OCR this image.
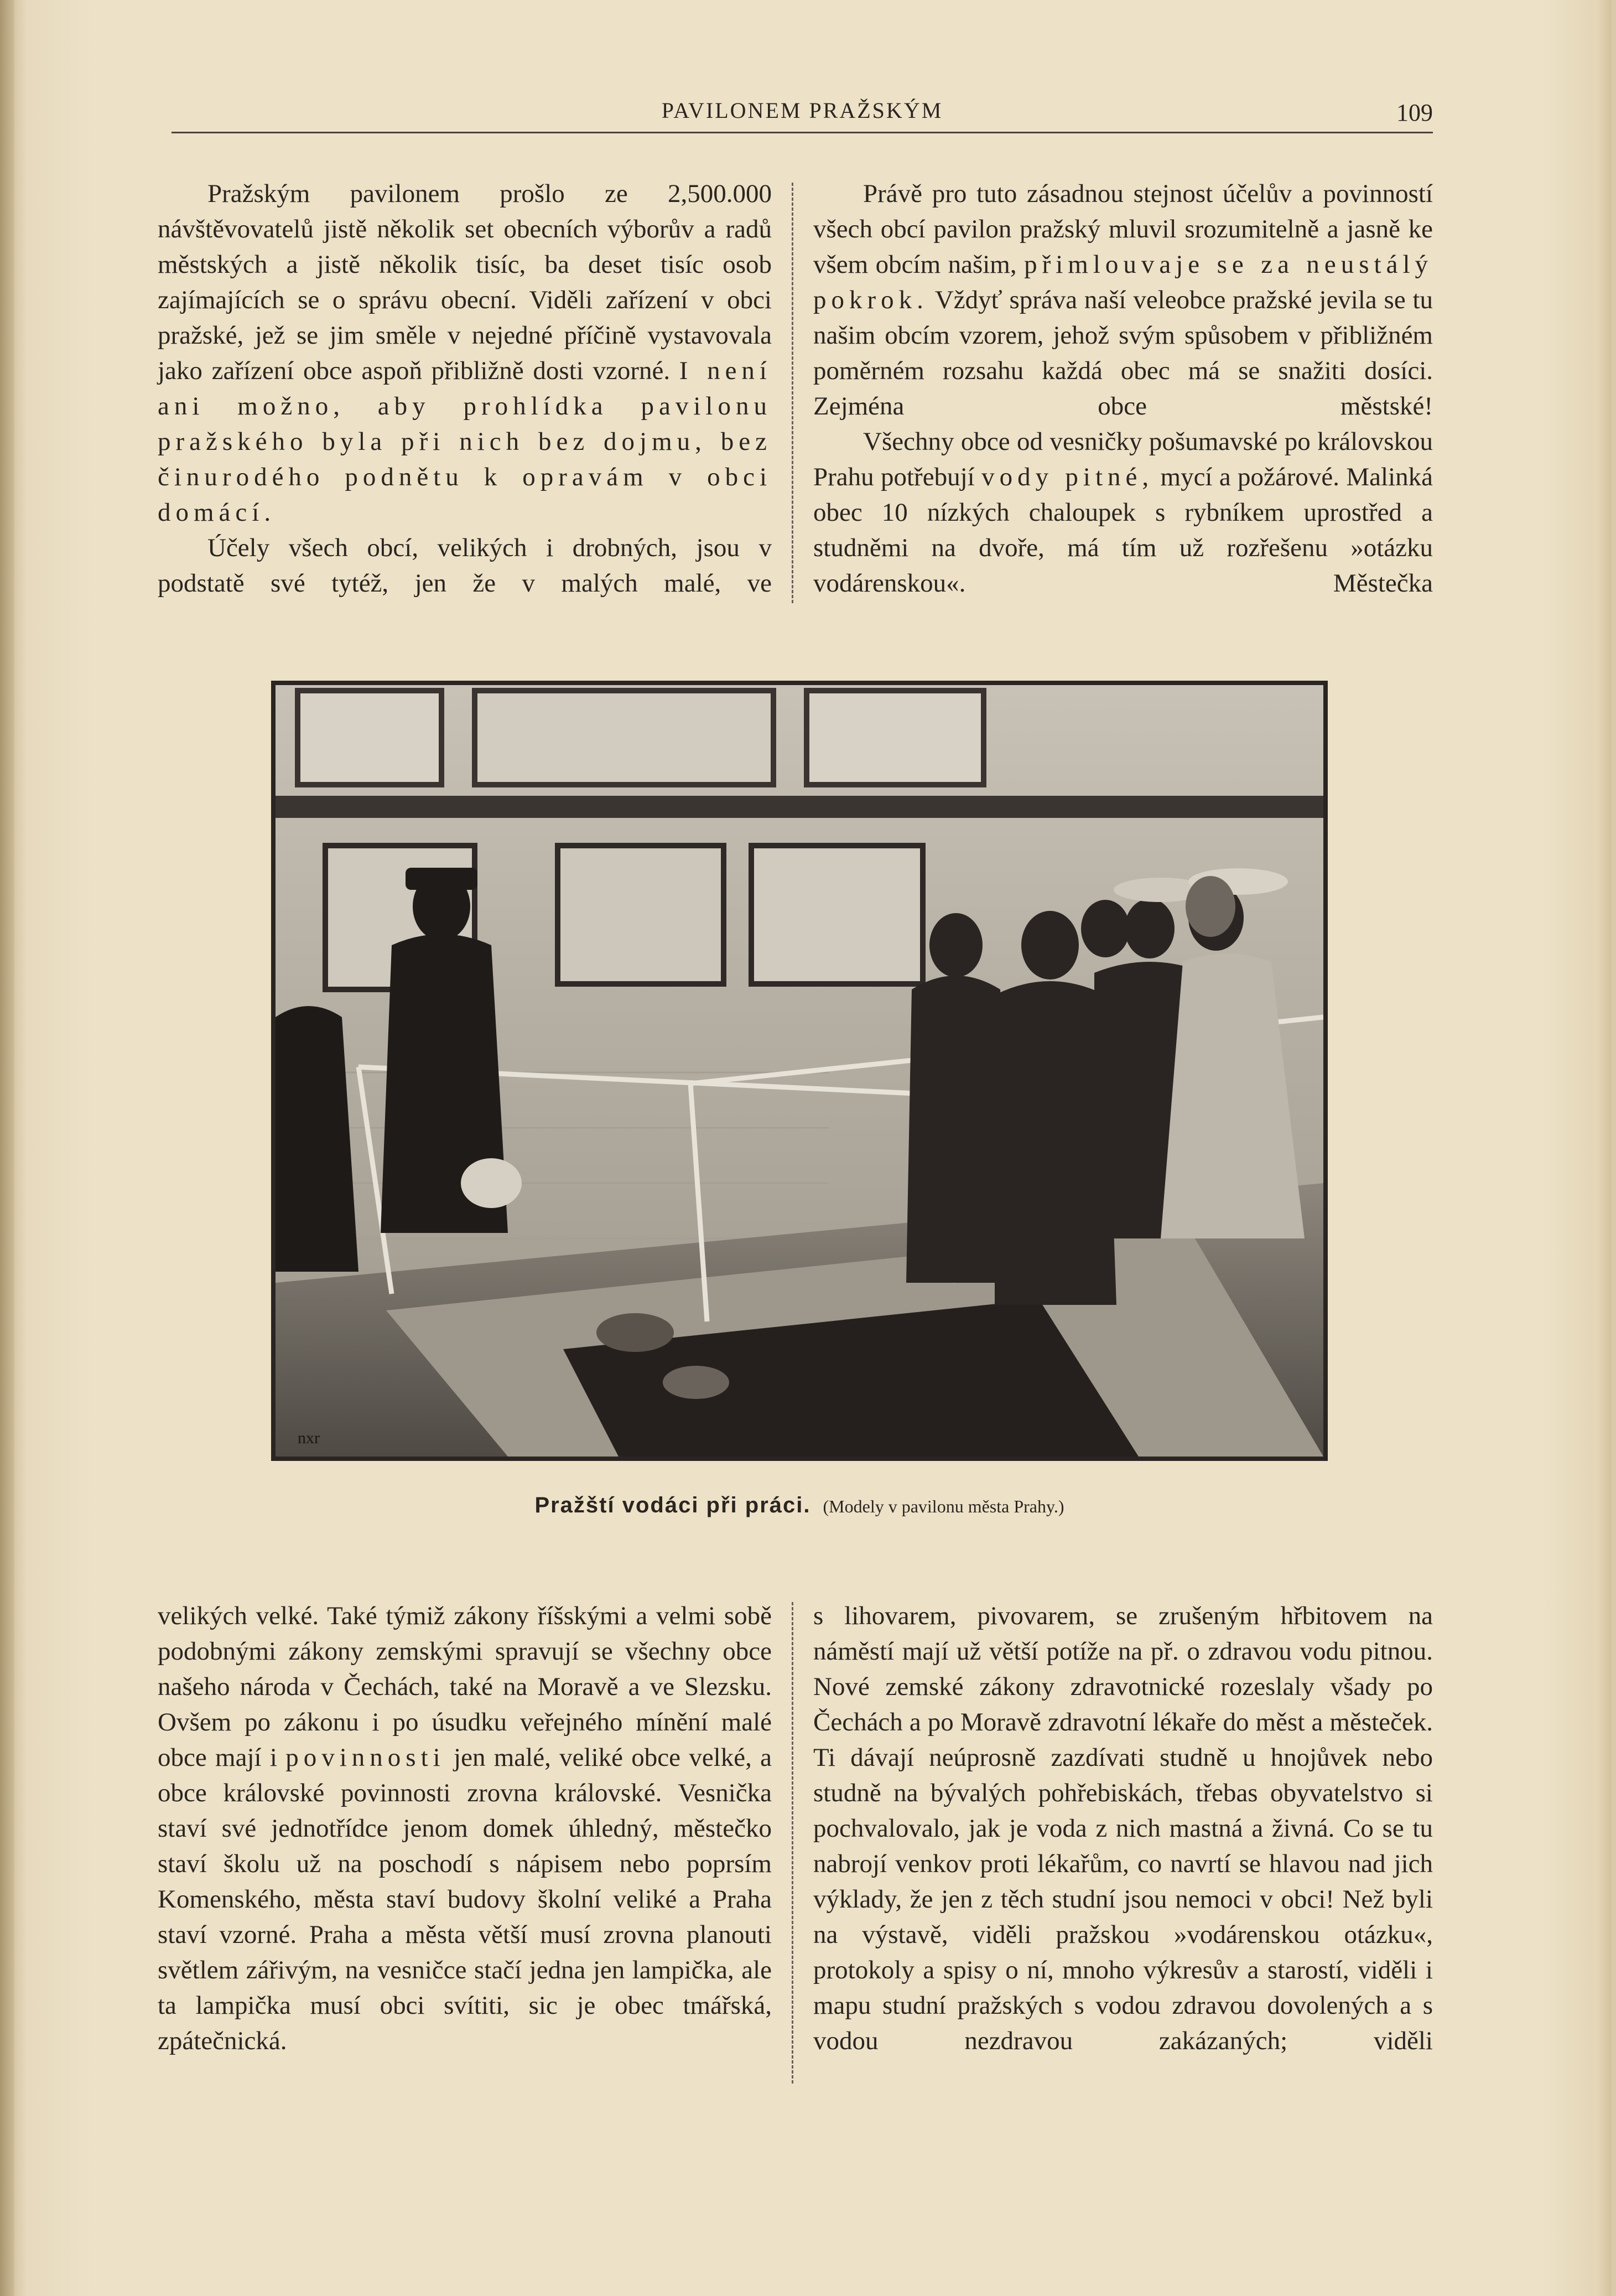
PAVILONEM PRAŽSKÝM	109

Pražským pavilonem prošlo ze 2,500.000 návštěvovatelů jistě několik set obecních výborův a radů městských a jistě několik tisíc, ba deset tisíc osob zajímajících se o správu obecní. Viděli zařízení v obci pražské, jež se jim směle v nejedné příčině vystavovala jako zařízení obce aspoň přibližně dosti vzorné. I není ani možno, aby prohlídka pavilonu pražského byla při nich bez dojmu, bez činurodého podnětu k opravám v obci domácí.

Účely všech obcí, velikých i drobných, jsou v podstatě své tytéž, jen že v malých malé, ve

Právě pro tuto zásadnou stejnost účelův a povinností všech obcí pavilon pražský mluvil srozumitelně a jasně ke všem obcím našim, přimlouvaje se za neustálý pokrok. Vždyť správa naší veleobce pražské jevila se tu našim obcím vzorem, jehož svým spůsobem v přibližném poměrném rozsahu každá obec má se snažiti dosíci. Zejména obce městské!

Všechny obce od vesničky pošumavské po královskou Prahu potřebují vody pitné, mycí a požárové. Malinká obec 10 nízkých chaloupek s rybníkem uprostřed a studněmi na dvoře, má tím už rozřešenu »otázku vodárenskou«. Městečka

nxr
Pražští vodáci při práci. (Modely v pavilonu města Prahy.)

velikých velké. Také týmiž zákony říšskými a velmi sobě podobnými zákony zemskými spravují se všechny obce našeho národa v Čechách, také na Moravě a ve Slezsku. Ovšem po zákonu i po úsudku veřejného mínění malé obce mají i povinnosti jen malé, veliké obce velké, a obce královské povinnosti zrovna královské. Vesnička staví své jednotřídce jenom domek úhledný, městečko staví školu už na poschodí s nápisem nebo poprsím Komenského, města staví budovy školní veliké a Praha staví vzorné. Praha a města větší musí zrovna planouti světlem zářivým, na vesničce stačí jedna jen lampička, ale ta lampička musí obci svítiti, sic je obec tmářská, zpátečnická.

s lihovarem, pivovarem, se zrušeným hřbitovem na náměstí mají už větší potíže na př. o zdravou vodu pitnou. Nové zemské zákony zdravotnické rozeslaly všady po Čechách a po Moravě zdravotní lékaře do měst a městeček. Ti dávají neúprosně zazdívati studně u hnojůvek nebo studně na bývalých pohřebiskách, třebas obyvatelstvo si pochvalovalo, jak je voda z nich mastná a živná. Co se tu nabrojí venkov proti lékařům, co navrtí se hlavou nad jich výklady, že jen z těch studní jsou nemoci v obci! Než byli na výstavě, viděli pražskou »vodárenskou otázku«, protokoly a spisy o ní, mnoho výkresův a starostí, viděli i mapu studní pražských s vodou zdravou dovolených a s vodou nezdravou zakázaných; viděli
